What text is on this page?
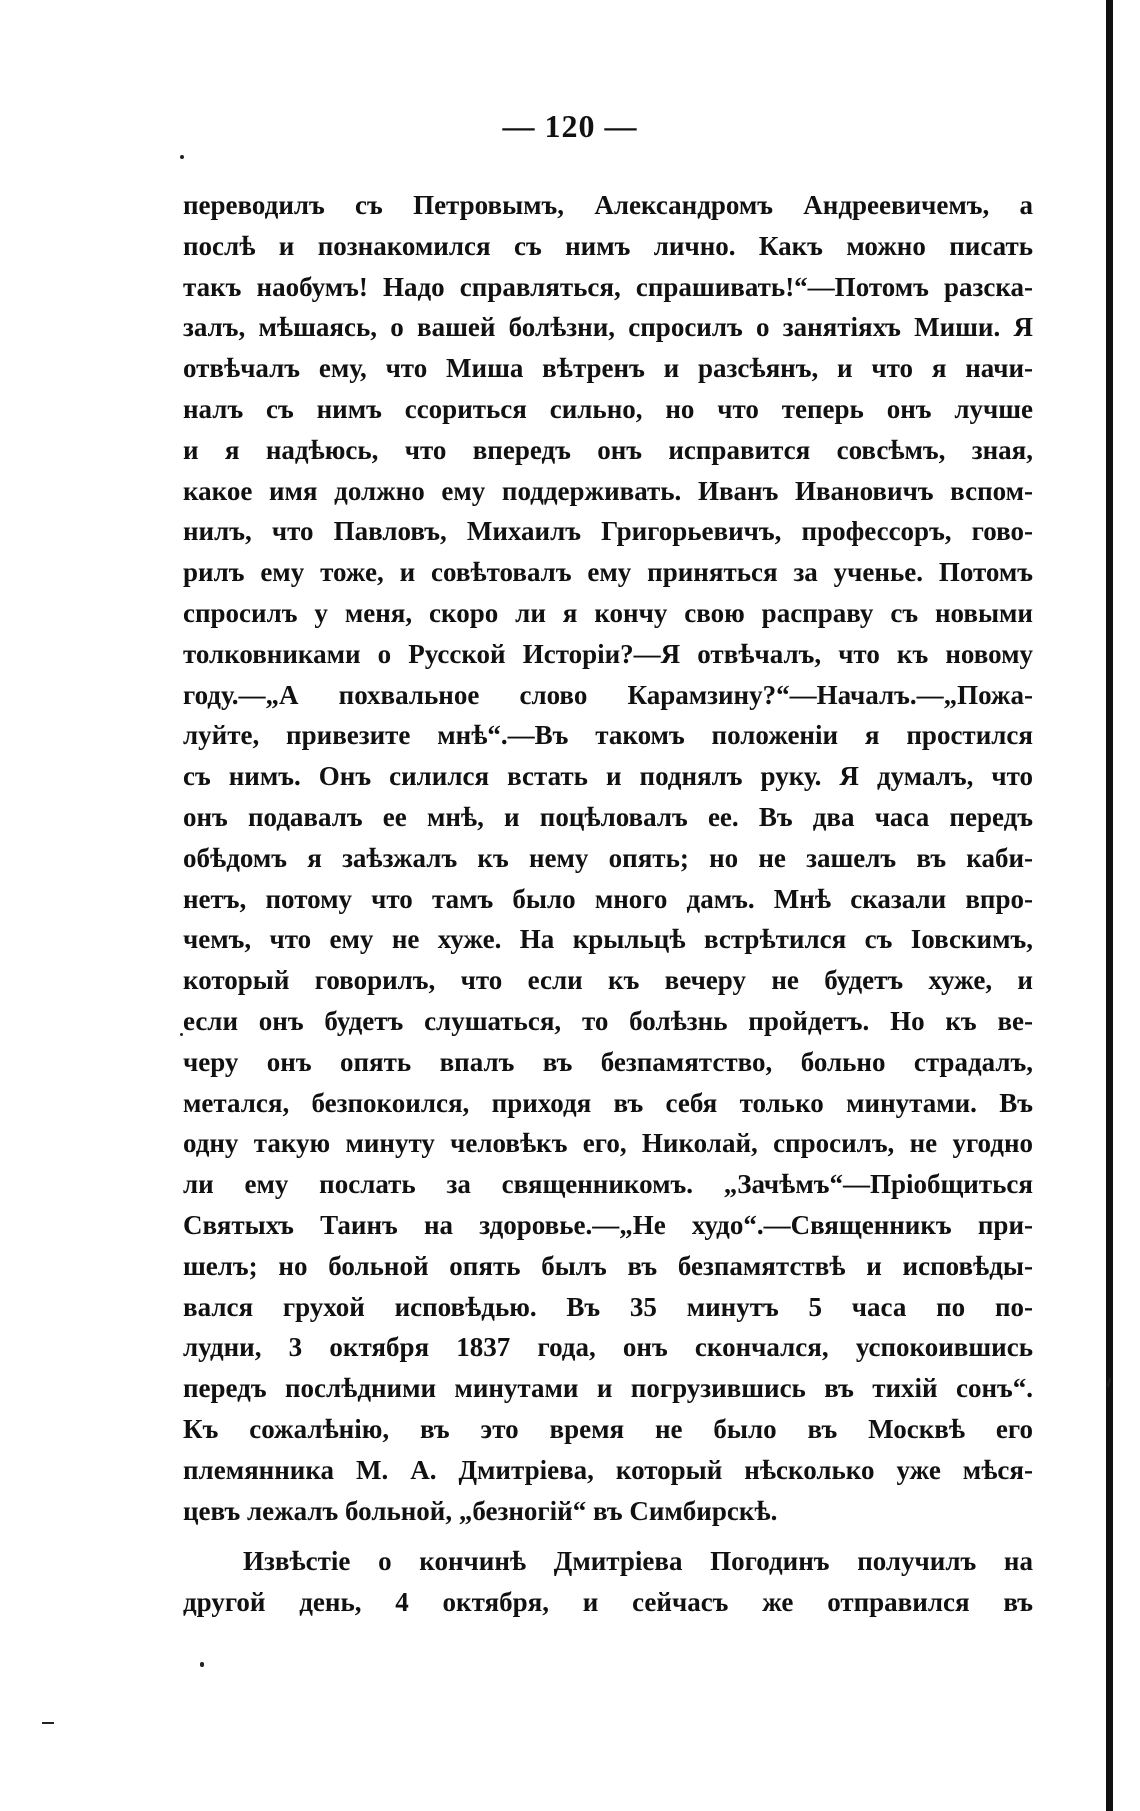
— 120 —
переводилъ съ Петровымъ, Александромъ Андреевичемъ, а
послѣ и познакомился съ нимъ лично. Какъ можно писать
такъ наобумъ! Надо справляться, спрашивать!“—Потомъ разска-
залъ, мѣшаясь, о вашей болѣзни, спросилъ о занятіяхъ Миши. Я
отвѣчалъ ему, что Миша вѣтренъ и разсѣянъ, и что я начи-
налъ съ нимъ ссориться сильно, но что теперь онъ лучше
и я надѣюсь, что впередъ онъ исправится совсѣмъ, зная,
какое имя должно ему поддерживать. Иванъ Ивановичъ вспом-
нилъ, что Павловъ, Михаилъ Григорьевичъ, профессоръ, гово-
рилъ ему тоже, и совѣтовалъ ему приняться за ученье. Потомъ
спросилъ у меня, скоро ли я кончу свою расправу съ новыми
толковниками о Русской Исторіи?—Я отвѣчалъ, что къ новому
году.—„А похвальное слово Карамзину?“—Началъ.—„Пожа-
луйте, привезите мнѣ“.—Въ такомъ положеніи я простился
съ нимъ. Онъ силился встать и поднялъ руку. Я думалъ, что
онъ подавалъ ее мнѣ, и поцѣловалъ ее. Въ два часа передъ
обѣдомъ я заѣзжалъ къ нему опять; но не зашелъ въ каби-
нетъ, потому что тамъ было много дамъ. Мнѣ сказали впро-
чемъ, что ему не хуже. На крыльцѣ встрѣтился съ Іовскимъ,
который говорилъ, что если къ вечеру не будетъ хуже, и
если онъ будетъ слушаться, то болѣзнь пройдетъ. Но къ ве-
черу онъ опять впалъ въ безпамятство, больно страдалъ,
метался, безпокоился, приходя въ себя только минутами. Въ
одну такую минуту человѣкъ его, Николай, спросилъ, не угодно
ли ему послать за священникомъ. „Зачѣмъ“—Пріобщиться
Святыхъ Таинъ на здоровье.—„Не худо“.—Священникъ при-
шелъ; но больной опять былъ въ безпамятствѣ и исповѣды-
вался грухой исповѣдью. Въ 35 минутъ 5 часа по по-
лудни, 3 октября 1837 года, онъ скончался, успокоившись
передъ послѣдними минутами и погрузившись въ тихій сонъ“.
Къ сожалѣнію, въ это время не было въ Москвѣ его
племянника М. А. Дмитріева, который нѣсколько уже мѣся-
цевъ лежалъ больной, „безногій“ въ Симбирскѣ.
Извѣстіе о кончинѣ Дмитріева Погодинъ получилъ на
другой день, 4 октября, и сейчасъ же отправился въ
